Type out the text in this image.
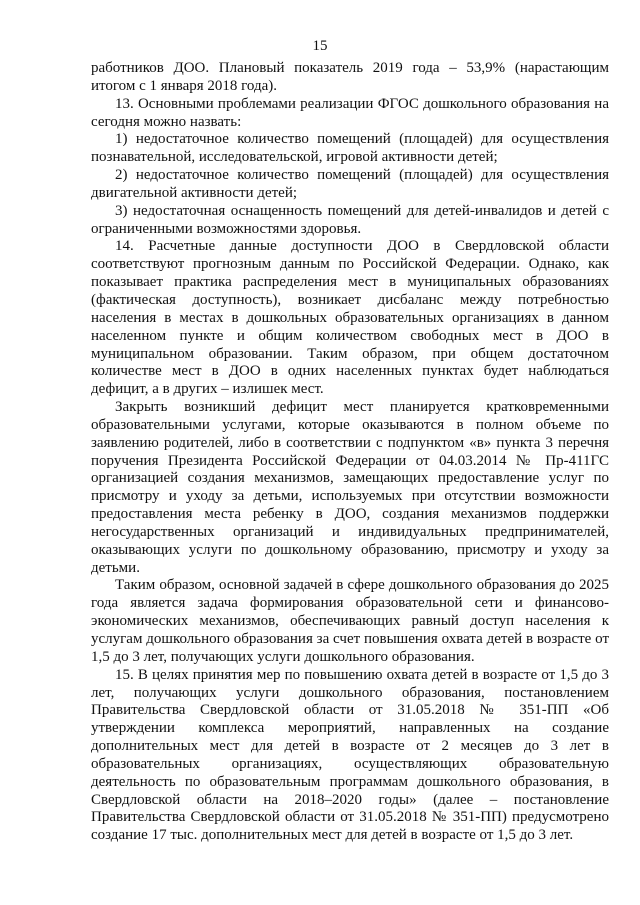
15

работников ДОО. Плановый показатель 2019 года – 53,9% (нарастающим итогом с 1 января 2018 года).

13. Основными проблемами реализации ФГОС дошкольного образования на сегодня можно назвать:

1) недостаточное количество помещений (площадей) для осуществления познавательной, исследовательской, игровой активности детей;

2) недостаточное количество помещений (площадей) для осуществления двигательной активности детей;

3) недостаточная оснащенность помещений для детей-инвалидов и детей с ограниченными возможностями здоровья.

14. Расчетные данные доступности ДОО в Свердловской области соответствуют прогнозным данным по Российской Федерации. Однако, как показывает практика распределения мест в муниципальных образованиях (фактическая доступность), возникает дисбаланс между потребностью населения в местах в дошкольных образовательных организациях в данном населенном пункте и общим количеством свободных мест в ДОО в муниципальном образовании. Таким образом, при общем достаточном количестве мест в ДОО в одних населенных пунктах будет наблюдаться дефицит, а в других – излишек мест.

Закрыть возникший дефицит мест планируется кратковременными образовательными услугами, которые оказываются в полном объеме по заявлению родителей, либо в соответствии с подпунктом «в» пункта 3 перечня поручения Президента Российской Федерации от 04.03.2014 № Пр-411ГС организацией создания механизмов, замещающих предоставление услуг по присмотру и уходу за детьми, используемых при отсутствии возможности предоставления места ребенку в ДОО, создания механизмов поддержки негосударственных организаций и индивидуальных предпринимателей, оказывающих услуги по дошкольному образованию, присмотру и уходу за детьми.

Таким образом, основной задачей в сфере дошкольного образования до 2025 года является задача формирования образовательной сети и финансово-экономических механизмов, обеспечивающих равный доступ населения к услугам дошкольного образования за счет повышения охвата детей в возрасте от 1,5 до 3 лет, получающих услуги дошкольного образования.

15. В целях принятия мер по повышению охвата детей в возрасте от 1,5 до 3 лет, получающих услуги дошкольного образования, постановлением Правительства Свердловской области от 31.05.2018 № 351-ПП «Об утверждении комплекса мероприятий, направленных на создание дополнительных мест для детей в возрасте от 2 месяцев до 3 лет в образовательных организациях, осуществляющих образовательную деятельность по образовательным программам дошкольного образования, в Свердловской области на 2018–2020 годы» (далее – постановление Правительства Свердловской области от 31.05.2018 № 351-ПП) предусмотрено создание 17 тыс. дополнительных мест для детей в возрасте от 1,5 до 3 лет.
